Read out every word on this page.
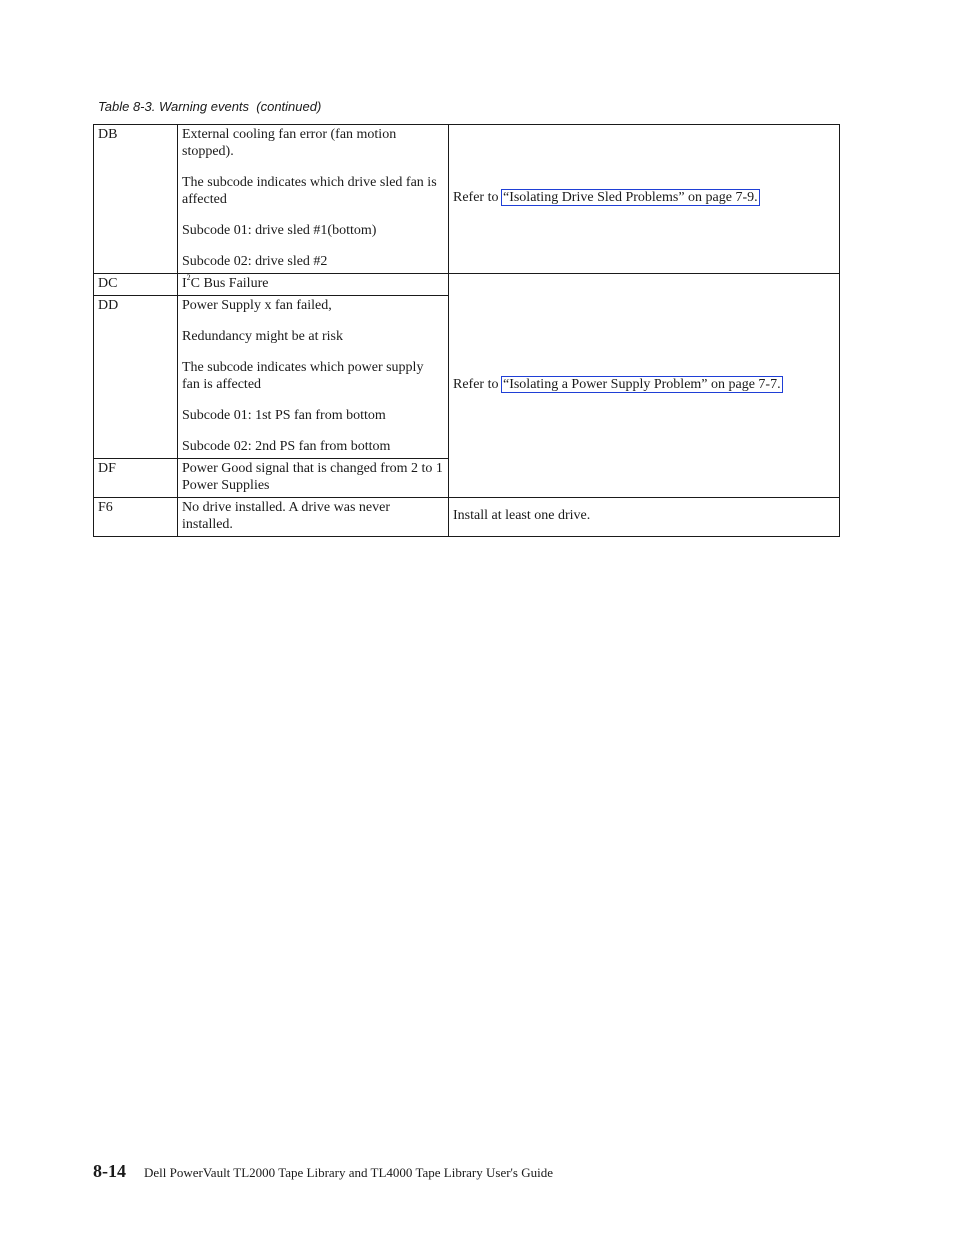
Table 8-3. Warning events  (continued)
DB	External cooling fan error (fan motion stopped).

The subcode indicates which drive sled fan is affected

Subcode 01: drive sled #1(bottom)

Subcode 02: drive sled #2	Refer to “Isolating Drive Sled Problems” on page 7-9.
DC	$I^2C$ Bus Failure	Refer to “Isolating a Power Supply Problem” on page 7-7.
DD	Power Supply x fan failed,

Redundancy might be at risk

The subcode indicates which power supply fan is affected

Subcode 01: 1st PS fan from bottom

Subcode 02: 2nd PS fan from bottom	

DF	Power Good signal that is changed from 2 to 1 Power Supplies	

F6	No drive installed. A drive was never installed.	Install at least one drive.
8-14 Dell PowerVault TL2000 Tape Library and TL4000 Tape Library User's Guide
